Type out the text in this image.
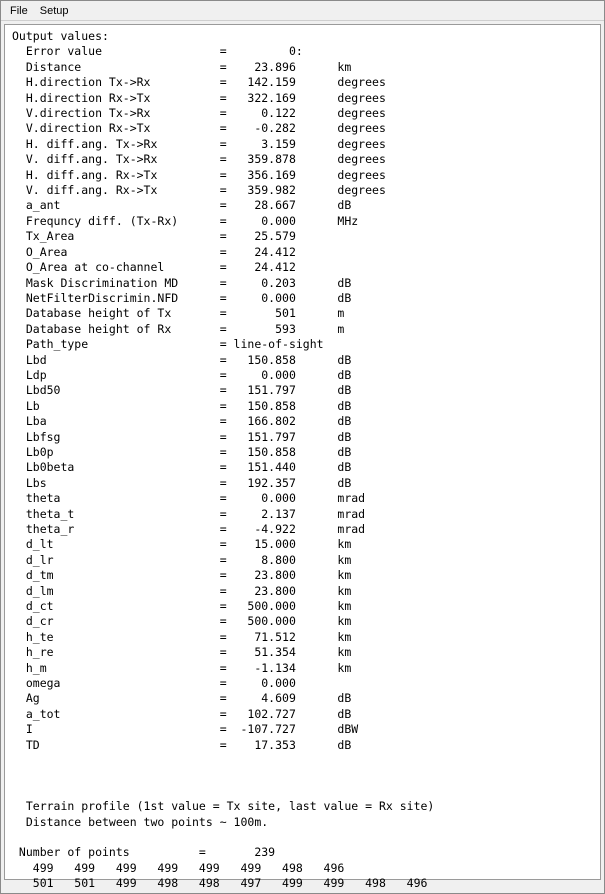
File	Setup
Output values:
Error value                 =         0:
Distance                    =    23.896      km
H.direction Tx->Rx          =   142.159      degrees
H.direction Rx->Tx          =   322.169      degrees
V.direction Tx->Rx          =     0.122      degrees
V.direction Rx->Tx          =    -0.282      degrees
H. diff.ang. Tx->Rx         =     3.159      degrees
V. diff.ang. Tx->Rx         =   359.878      degrees
H. diff.ang. Rx->Tx         =   356.169      degrees
V. diff.ang. Rx->Tx         =   359.982      degrees
a_ant                       =    28.667      dB
Frequncy diff. (Tx-Rx)      =     0.000      MHz
Tx_Area                     =    25.579
O_Area                      =    24.412
O_Area at co-channel        =    24.412
Mask Discrimination MD      =     0.203      dB
NetFilterDiscrimin.NFD      =     0.000      dB
Database height of Tx       =       501      m
Database height of Rx       =       593      m
Path_type                   = line-of-sight
Lbd                         =   150.858      dB
Ldp                         =     0.000      dB
Lbd50                       =   151.797      dB
Lb                          =   150.858      dB
Lba                         =   166.802      dB
Lbfsg                       =   151.797      dB
Lb0p                        =   150.858      dB
Lb0beta                     =   151.440      dB
Lbs                         =   192.357      dB
theta                       =     0.000      mrad
theta_t                     =     2.137      mrad
theta_r                     =    -4.922      mrad
d_lt                        =    15.000      km
d_lr                        =     8.800      km
d_tm                        =    23.800      km
d_lm                        =    23.800      km
d_ct                        =   500.000      km
d_cr                        =   500.000      km
h_te                        =    71.512      km
h_re                        =    51.354      km
h_m                         =    -1.134      km
omega                       =     0.000
Ag                          =     4.609      dB
a_tot                       =   102.727      dB
I                           =  -107.727      dBW
TD                          =    17.353      dB
Terrain profile (1st value = Tx site, last value = Rx site)
Distance between two points ~ 100m.
Number of points          =       239
499   499   499   499   499   499   498   496
501   501   499   498   498   497   499   499   498   496
